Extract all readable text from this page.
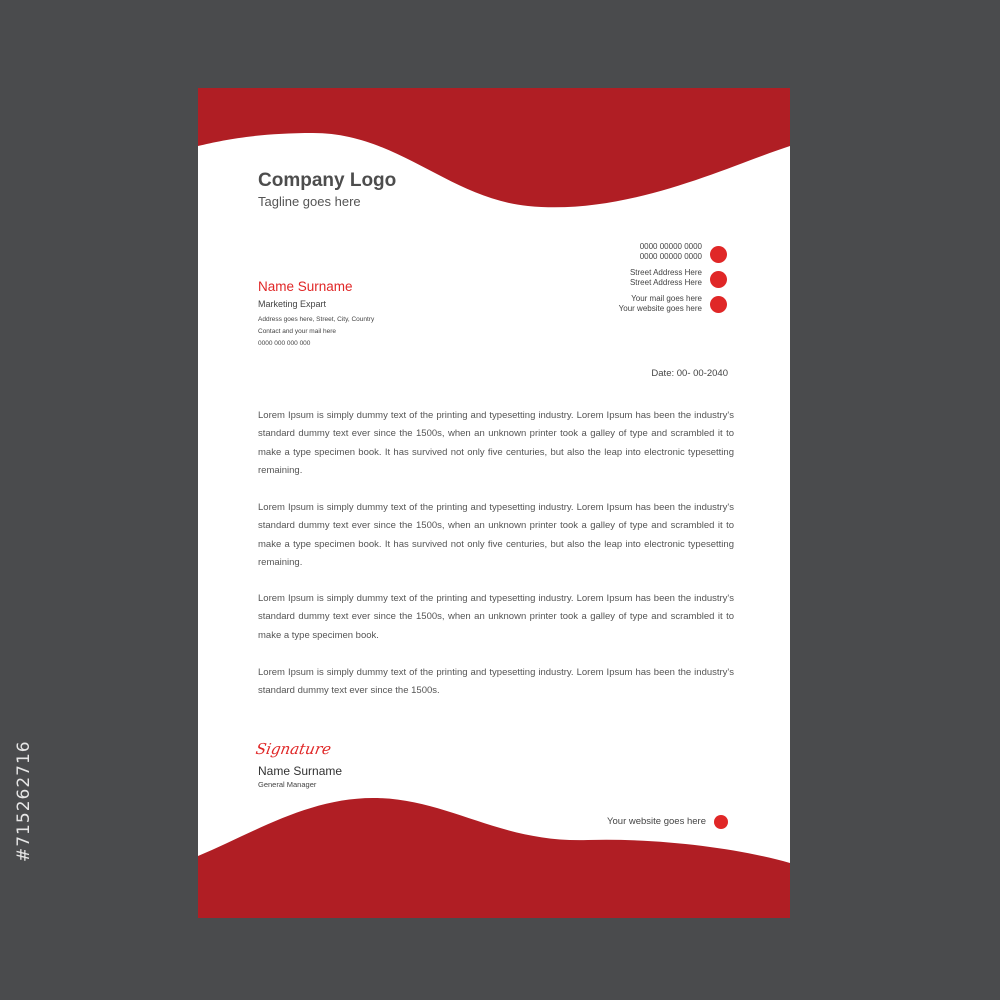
#715262716
Company Logo
Tagline goes here
0000 00000 0000
0000 00000 0000
Street Address Here
Street Address Here
Your mail goes here
Your website goes here
Name Surname
Marketing Expart
Address goes here, Street, City, Country
Contact and your mail here
0000 000 000 000
Date: 00- 00-2040

Lorem Ipsum is simply dummy text of the printing and typesetting industry. Lorem Ipsum has been the industry's standard dummy text ever since the 1500s, when an unknown printer took a galley of type and scrambled it to make a type specimen book. It has survived not only five centuries, but also the leap into electronic typesetting remaining.

Lorem Ipsum is simply dummy text of the printing and typesetting industry. Lorem Ipsum has been the industry's standard dummy text ever since the 1500s, when an unknown printer took a galley of type and scrambled it to make a type specimen book. It has survived not only five centuries, but also the leap into electronic typesetting remaining.

Lorem Ipsum is simply dummy text of the printing and typesetting industry. Lorem Ipsum has been the industry's standard dummy text ever since the 1500s, when an unknown printer took a galley of type and scrambled it to make a type specimen book.

Lorem Ipsum is simply dummy text of the printing and typesetting industry. Lorem Ipsum has been the industry's standard dummy text ever since the 1500s.

Signature
Name Surname
General Manager
Your website goes here
